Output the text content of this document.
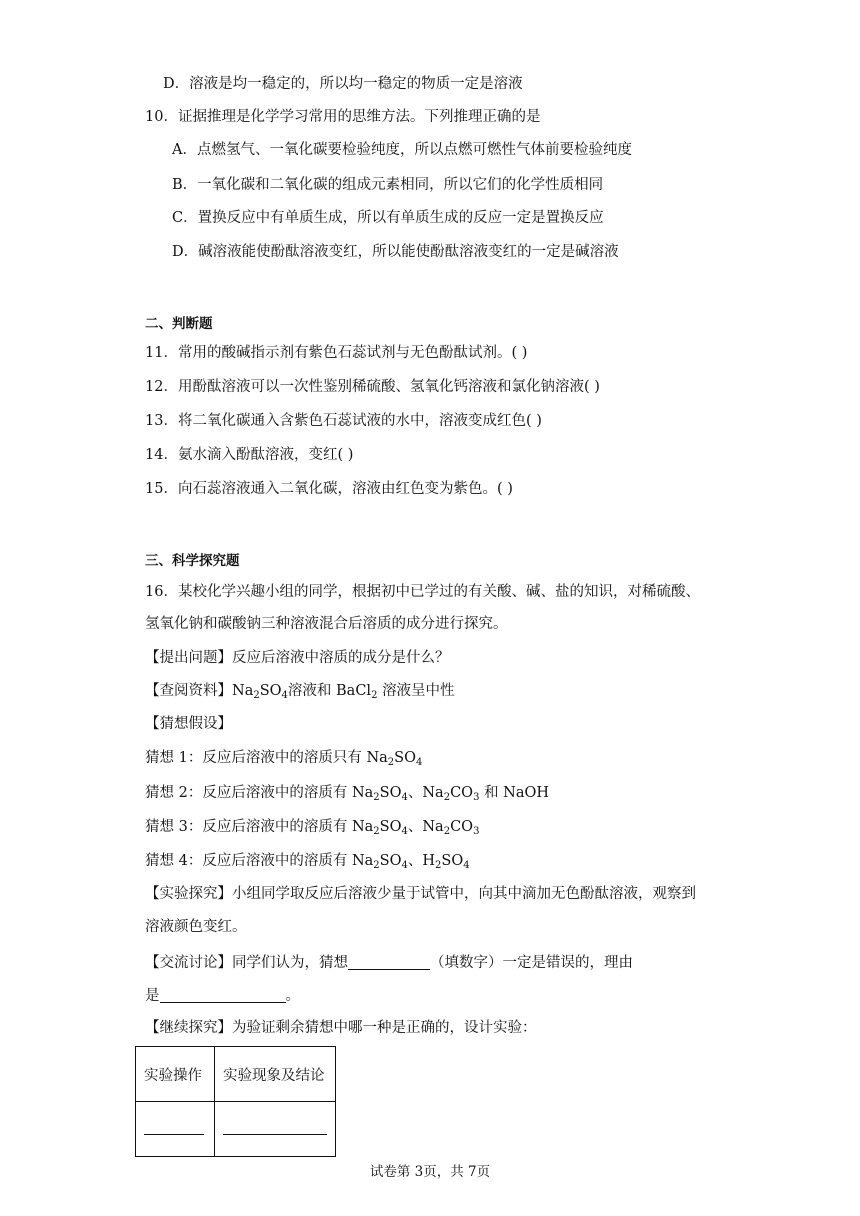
D．溶液是均一稳定的，所以均一稳定的物质一定是溶液
10．证据推理是化学学习常用的思维方法。下列推理正确的是
A．点燃氢气、一氧化碳要检验纯度，所以点燃可燃性气体前要检验纯度
B．一氧化碳和二氧化碳的组成元素相同，所以它们的化学性质相同
C．置换反应中有单质生成，所以有单质生成的反应一定是置换反应
D．碱溶液能使酚酞溶液变红，所以能使酚酞溶液变红的一定是碱溶液
二、判断题
11．常用的酸碱指示剂有紫色石蕊试剂与无色酚酞试剂。( )
12．用酚酞溶液可以一次性鉴别稀硫酸、氢氧化钙溶液和氯化钠溶液( )
13．将二氧化碳通入含紫色石蕊试液的水中，溶液变成红色( )
14．氨水滴入酚酞溶液，变红( )
15．向石蕊溶液通入二氧化碳，溶液由红色变为紫色。( )
三、科学探究题
16．某校化学兴趣小组的同学，根据初中已学过的有关酸、碱、盐的知识，对稀硫酸、
氢氧化钠和碳酸钠三种溶液混合后溶质的成分进行探究。
【提出问题】反应后溶液中溶质的成分是什么？
【查阅资料】$Na_2SO_4$溶液和 BaCl$_2$ 溶液呈中性
【猜想假设】
猜想 1：反应后溶液中的溶质只有 $Na_2SO_4$
猜想 2：反应后溶液中的溶质有 $Na_2SO_4$、$Na_2CO_3$ 和 NaOH
猜想 3：反应后溶液中的溶质有 $Na_2SO_4$、$Na_2CO_3$
猜想 4：反应后溶液中的溶质有 $Na_2SO_4$、$H_2SO_4$
【实验探究】小组同学取反应后溶液少量于试管中，向其中滴加无色酚酞溶液，观察到
溶液颜色变红。
【交流讨论】同学们认为，猜想	（填数字）一定是错误的，理由
是	。
【继续探究】为验证剩余猜想中哪一种是正确的，设计实验：
实验操作	实验现象及结论

试卷第 3页，共 7页
